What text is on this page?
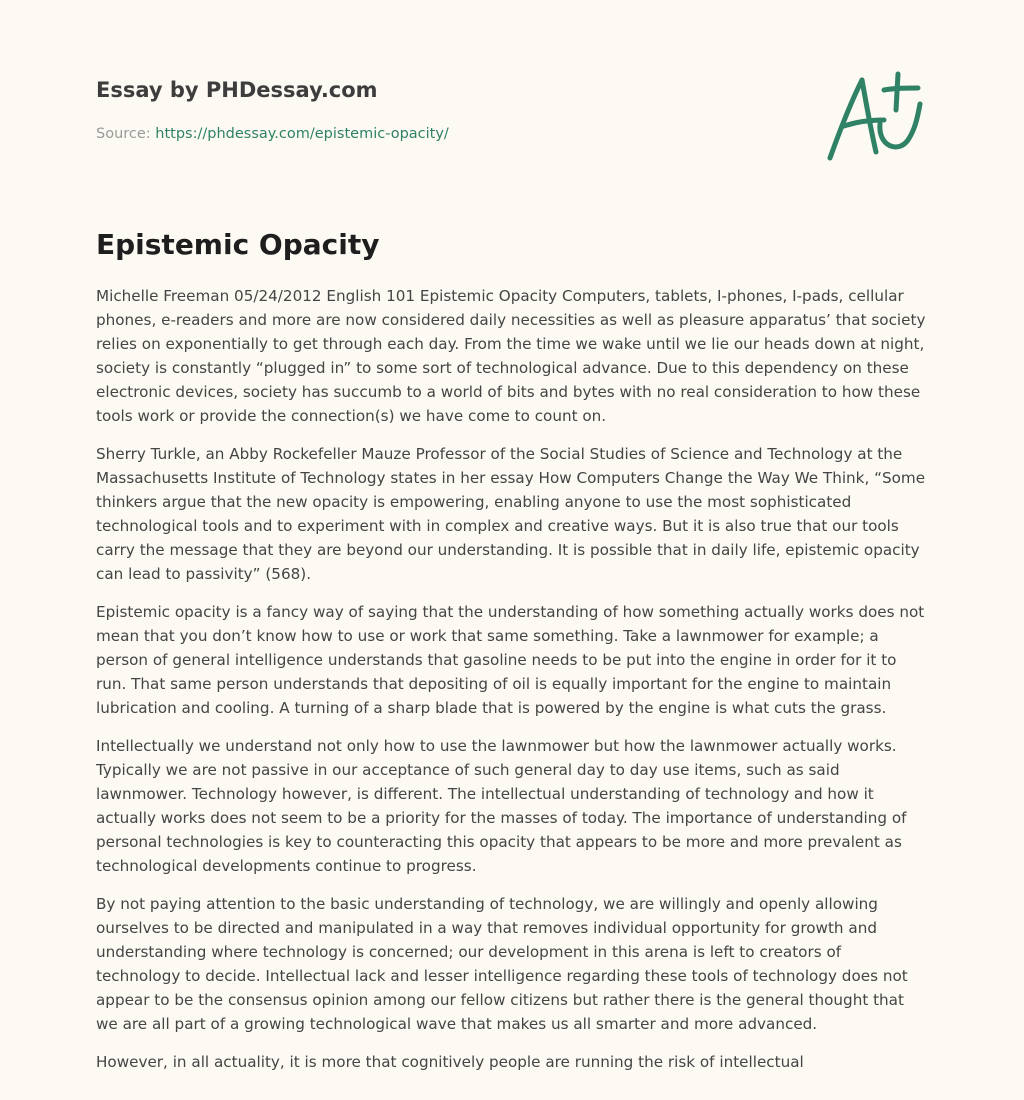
Essay by PHDessay.com
Source: https://phdessay.com/epistemic-opacity/
Epistemic Opacity

Michelle Freeman 05/24/2012 English 101 Epistemic Opacity Computers, tablets, I-phones, I-pads, cellular phones, e-readers and more are now considered daily necessities as well as pleasure apparatus’ that society relies on exponentially to get through each day. From the time we wake until we lie our heads down at night, society is constantly “plugged in” to some sort of technological advance. Due to this dependency on these electronic devices, society has succumb to a world of bits and bytes with no real consideration to how these tools work or provide the connection(s) we have come to count on.

Sherry Turkle, an Abby Rockefeller Mauze Professor of the Social Studies of Science and Technology at the Massachusetts Institute of Technology states in her essay How Computers Change the Way We Think, “Some thinkers argue that the new opacity is empowering, enabling anyone to use the most sophisticated technological tools and to experiment with in complex and creative ways. But it is also true that our tools carry the message that they are beyond our understanding. It is possible that in daily life, epistemic opacity can lead to passivity” (568).

Epistemic opacity is a fancy way of saying that the understanding of how something actually works does not mean that you don’t know how to use or work that same something. Take a lawnmower for example; a person of general intelligence understands that gasoline needs to be put into the engine in order for it to run. That same person understands that depositing of oil is equally important for the engine to maintain lubrication and cooling. A turning of a sharp blade that is powered by the engine is what cuts the grass.

Intellectually we understand not only how to use the lawnmower but how the lawnmower actually works. Typically we are not passive in our acceptance of such general day to day use items, such as said lawnmower. Technology however, is different. The intellectual understanding of technology and how it actually works does not seem to be a priority for the masses of today. The importance of understanding of personal technologies is key to counteracting this opacity that appears to be more and more prevalent as technological developments continue to progress.

By not paying attention to the basic understanding of technology, we are willingly and openly allowing ourselves to be directed and manipulated in a way that removes individual opportunity for growth and understanding where technology is concerned; our development in this arena is left to creators of technology to decide. Intellectual lack and lesser intelligence regarding these tools of technology does not appear to be the consensus opinion among our fellow citizens but rather there is the general thought that we are all part of a growing technological wave that makes us all smarter and more advanced.

However, in all actuality, it is more that cognitively people are running the risk of intellectual
